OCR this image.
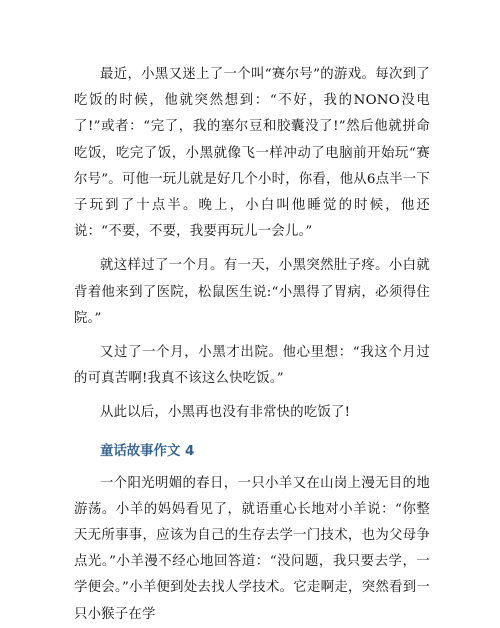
最近，小黑又迷上了一个叫“赛尔号”的游戏。每次到了吃饭的时候，他就突然想到：“不好，我的NONO没电了!”或者：“完了，我的塞尔豆和胶囊没了!”然后他就拼命吃饭，吃完了饭，小黑就像飞一样冲动了电脑前开始玩“赛尔号”。可他一玩儿就是好几个小时，你看，他从6点半一下子玩到了十点半。晚上，小白叫他睡觉的时候，他还说：“不要，不要，我要再玩儿一会儿。”

就这样过了一个月。有一天，小黑突然肚子疼。小白就背着他来到了医院，松鼠医生说:“小黑得了胃病，必须得住院。”

又过了一个月，小黑才出院。他心里想：“我这个月过的可真苦啊!我真不该这么快吃饭。”

从此以后，小黑再也没有非常快的吃饭了!

童话故事作文 4

一个阳光明媚的春日，一只小羊又在山岗上漫无目的地游荡。小羊的妈妈看见了，就语重心长地对小羊说：“你整天无所事事，应该为自己的生存去学一门技术，也为父母争点光。”小羊漫不经心地回答道：“没问题，我只要去学，一学便会。”小羊便到处去找人学技术。它走啊走，突然看到一只小猴子在学
